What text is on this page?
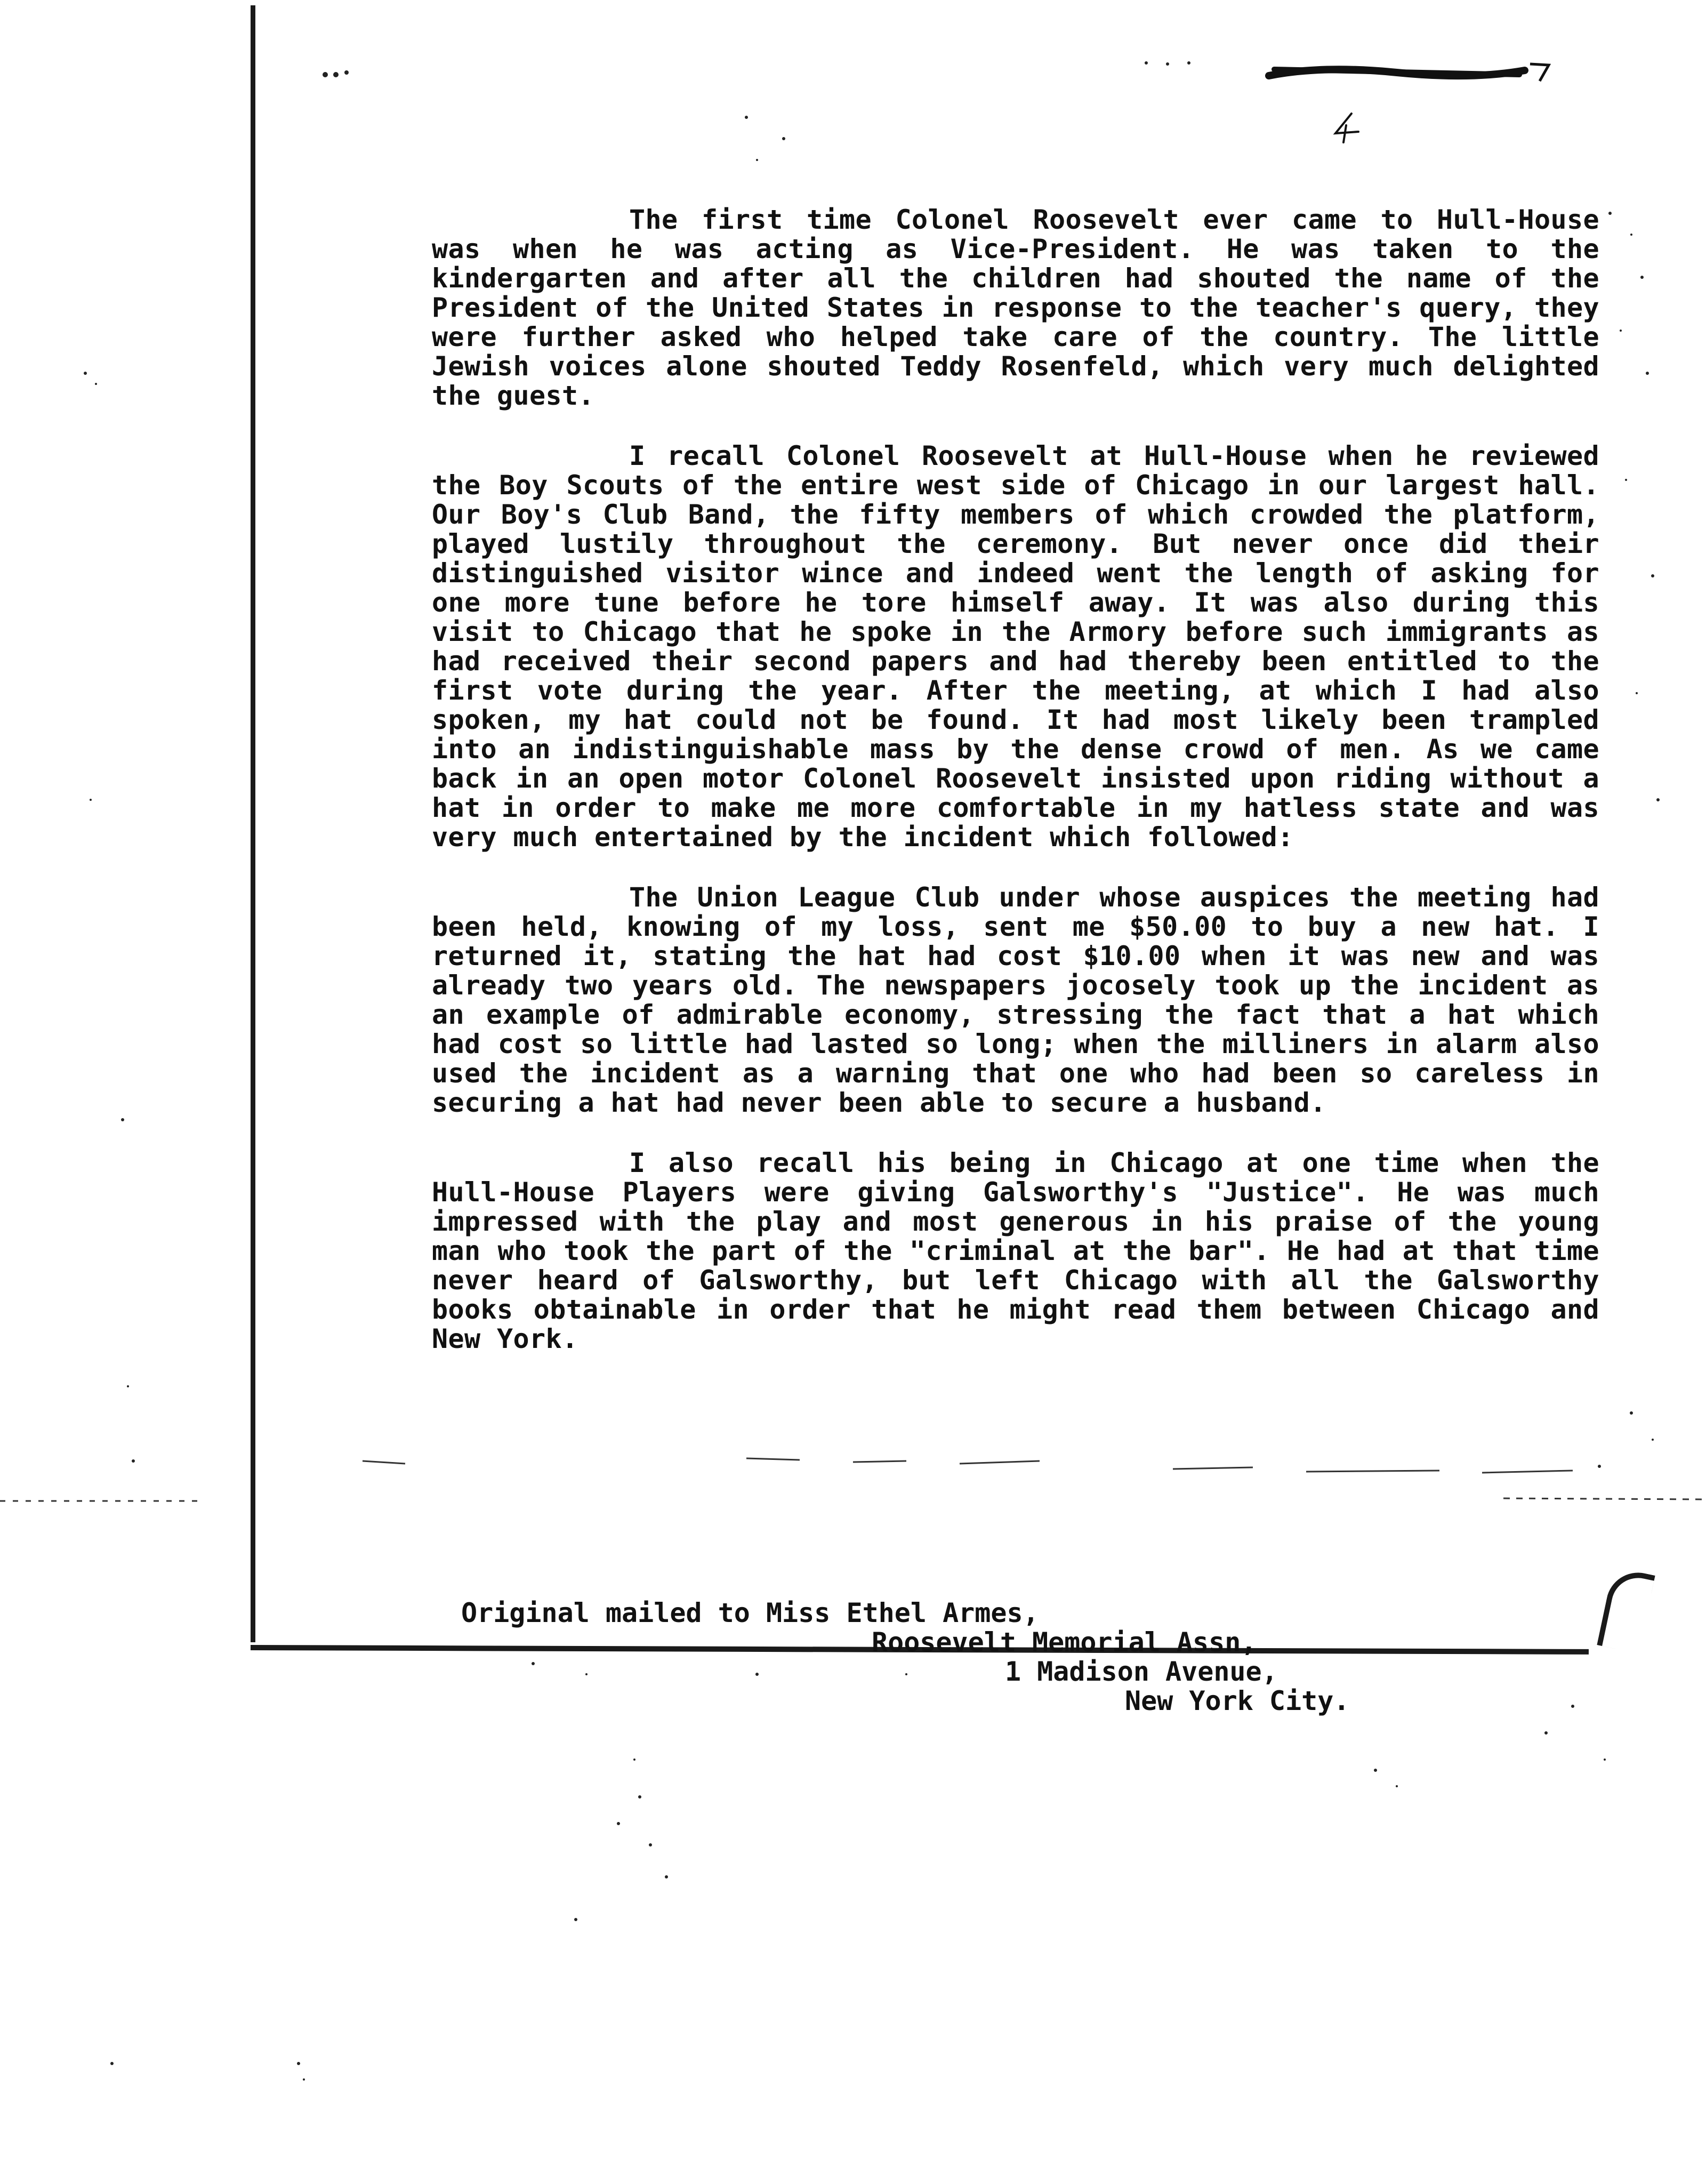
The first time Colonel Roosevelt ever came to Hull-House was when he was acting as Vice-President. He was taken to the kindergarten and after all the children had shouted the name of the President of the United States in response to the teacher's query, they were further asked who helped take care of the country. The little Jewish voices alone shouted Teddy Rosenfeld, which very much delighted the guest.

I recall Colonel Roosevelt at Hull-House when he reviewed the Boy Scouts of the entire west side of Chicago in our largest hall. Our Boy's Club Band, the fifty members of which crowded the platform, played lustily throughout the ceremony. But never once did their distinguished visitor wince and indeed went the length of asking for one more tune before he tore himself away. It was also during this visit to Chicago that he spoke in the Armory before such immigrants as had received their second papers and had thereby been entitled to the first vote during the year. After the meeting, at which I had also spoken, my hat could not be found. It had most likely been trampled into an indistinguishable mass by the dense crowd of men. As we came back in an open motor Colonel Roosevelt insisted upon riding without a hat in order to make me more comfortable in my hatless state and was very much entertained by the incident which followed:

The Union League Club under whose auspices the meeting had been held, knowing of my loss, sent me $50.00 to buy a new hat. I returned it, stating the hat had cost $10.00 when it was new and was already two years old. The newspapers jocosely took up the incident as an example of admirable economy, stressing the fact that a hat which had cost so little had lasted so long; when the milliners in alarm also used the incident as a warning that one who had been so careless in securing a hat had never been able to secure a husband.

I also recall his being in Chicago at one time when the Hull-House Players were giving Galsworthy's "Justice". He was much impressed with the play and most generous in his praise of the young man who took the part of the "criminal at the bar". He had at that time never heard of Galsworthy, but left Chicago with all the Galsworthy books obtainable in order that he might read them between Chicago and New York.

Original mailed to Miss Ethel Armes,
Roosevelt Memorial Assn,
1 Madison Avenue,
New York City.
